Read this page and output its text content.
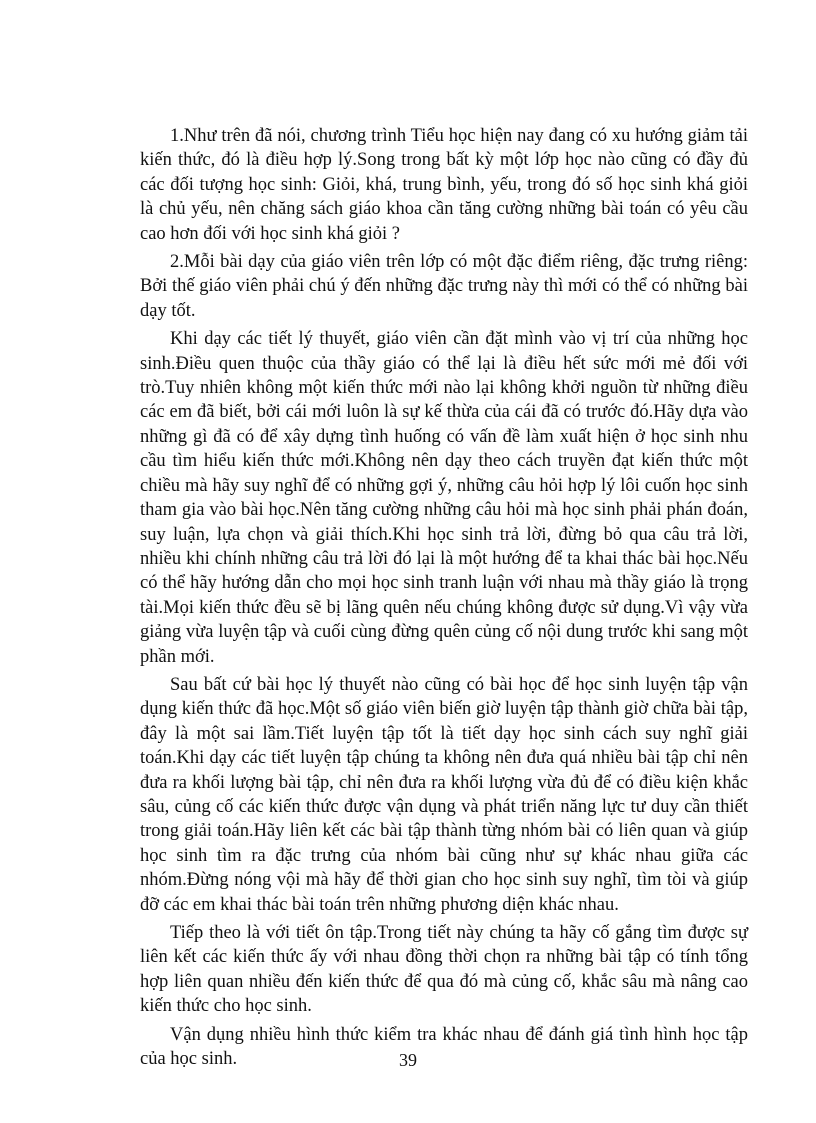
1.Như trên đã nói, chương trình Tiểu học hiện nay đang có xu hướng giảm tải kiến thức, đó là điều hợp lý.Song trong bất kỳ một lớp học nào cũng có đầy đủ các đối tượng học sinh: Giỏi, khá, trung bình, yếu, trong đó số học sinh khá giỏi là chủ yếu, nên chăng sách giáo khoa cần tăng cường những bài toán có yêu cầu cao hơn đối với học sinh khá giỏi ?

2.Mỗi bài dạy của giáo viên trên lớp có một đặc điểm riêng, đặc trưng riêng: Bởi thế giáo viên phải chú ý đến những đặc trưng này thì mới có thể có những bài dạy tốt.

Khi dạy các tiết lý thuyết, giáo viên cần đặt mình vào vị trí của những học sinh.Điều quen thuộc của thầy giáo có thể lại là điều hết sức mới mẻ đối với trò.Tuy nhiên không một kiến thức mới nào lại không khởi nguồn từ những điều các em đã biết, bởi cái mới luôn là sự kế thừa của cái đã có trước đó.Hãy dựa vào những gì đã có để xây dựng tình huống có vấn đề làm xuất hiện ở học sinh nhu cầu tìm hiểu kiến thức mới.Không nên dạy theo cách truyền đạt kiến thức một chiều mà hãy suy nghĩ để có những gợi ý, những câu hỏi hợp lý lôi cuốn học sinh tham gia vào bài học.Nên tăng cường những câu hỏi mà học sinh phải phán đoán, suy luận, lựa chọn và giải thích.Khi học sinh trả lời, đừng bỏ qua câu trả lời, nhiều khi chính những câu trả lời đó lại là một hướng để ta khai thác bài học.Nếu có thể hãy hướng dẫn cho mọi học sinh tranh luận với nhau mà thầy giáo là trọng tài.Mọi kiến thức đều sẽ bị lãng quên nếu chúng không được sử dụng.Vì vậy vừa giảng vừa luyện tập và cuối cùng đừng quên củng cố nội dung trước khi sang một phần mới.

Sau bất cứ bài học lý thuyết nào cũng có bài học để học sinh luyện tập vận dụng kiến thức đã học.Một số giáo viên biến giờ luyện tập thành giờ chữa bài tập, đây là một sai lầm.Tiết luyện tập tốt là tiết dạy học sinh cách suy nghĩ giải toán.Khi dạy các tiết luyện tập chúng ta không nên đưa quá nhiều bài tập chỉ nên đưa ra khối lượng bài tập, chỉ nên đưa ra khối lượng vừa đủ để có điều kiện khắc sâu, củng cố các kiến thức được vận dụng và phát triển năng lực tư duy cần thiết trong giải toán.Hãy liên kết các bài tập thành từng nhóm bài có liên quan và giúp học sinh tìm ra đặc trưng của nhóm bài cũng như sự khác nhau giữa các nhóm.Đừng nóng vội mà hãy để thời gian cho học sinh suy nghĩ, tìm tòi và giúp đỡ các em khai thác bài toán trên những phương diện khác nhau.

Tiếp theo là với tiết ôn tập.Trong tiết này chúng ta hãy cố gắng tìm được sự liên kết các kiến thức ấy với nhau đồng thời chọn ra những bài tập có tính tổng hợp liên quan nhiều đến kiến thức để qua đó mà củng cố, khắc sâu mà nâng cao kiến thức cho học sinh.

Vận dụng nhiều hình thức kiểm tra khác nhau để đánh giá tình hình học tập của học sinh.	39
